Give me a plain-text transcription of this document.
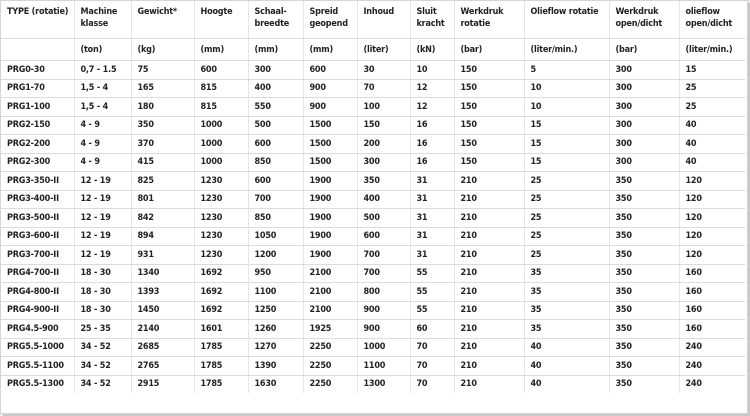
TYPE (rotatie)	Machine klasse	Gewicht*	Hoogte	Schaal-breedte	Spreid geopend	Inhoud	Sluit kracht	Werkdruk rotatie	Olieflow rotatie	Werkdruk open/dicht	olieflow open/dicht
	(ton)	(kg)	(mm)	(mm)	(mm)	(liter)	(kN)	(bar)	(liter/min.)	(bar)	(liter/min.)
PRG0-30	0,7 - 1.5	75	600	300	600	30	10	150	5	300	15
PRG1-70	1,5 - 4	165	815	400	900	70	12	150	10	300	25
PRG1-100	1,5 - 4	180	815	550	900	100	12	150	10	300	25
PRG2-150	4 - 9	350	1000	500	1500	150	16	150	15	300	40
PRG2-200	4 - 9	370	1000	600	1500	200	16	150	15	300	40
PRG2-300	4 - 9	415	1000	850	1500	300	16	150	15	300	40
PRG3-350-II	12 - 19	825	1230	600	1900	350	31	210	25	350	120
PRG3-400-II	12 - 19	801	1230	700	1900	400	31	210	25	350	120
PRG3-500-II	12 - 19	842	1230	850	1900	500	31	210	25	350	120
PRG3-600-II	12 - 19	894	1230	1050	1900	600	31	210	25	350	120
PRG3-700-II	12 - 19	931	1230	1200	1900	700	31	210	25	350	120
PRG4-700-II	18 - 30	1340	1692	950	2100	700	55	210	35	350	160
PRG4-800-II	18 - 30	1393	1692	1100	2100	800	55	210	35	350	160
PRG4-900-II	18 - 30	1450	1692	1250	2100	900	55	210	35	350	160
PRG4.5-900	25 - 35	2140	1601	1260	1925	900	60	210	35	350	160
PRG5.5-1000	34 - 52	2685	1785	1270	2250	1000	70	210	40	350	240
PRG5.5-1100	34 - 52	2765	1785	1390	2250	1100	70	210	40	350	240
PRG5.5-1300	34 - 52	2915	1785	1630	2250	1300	70	210	40	350	240
